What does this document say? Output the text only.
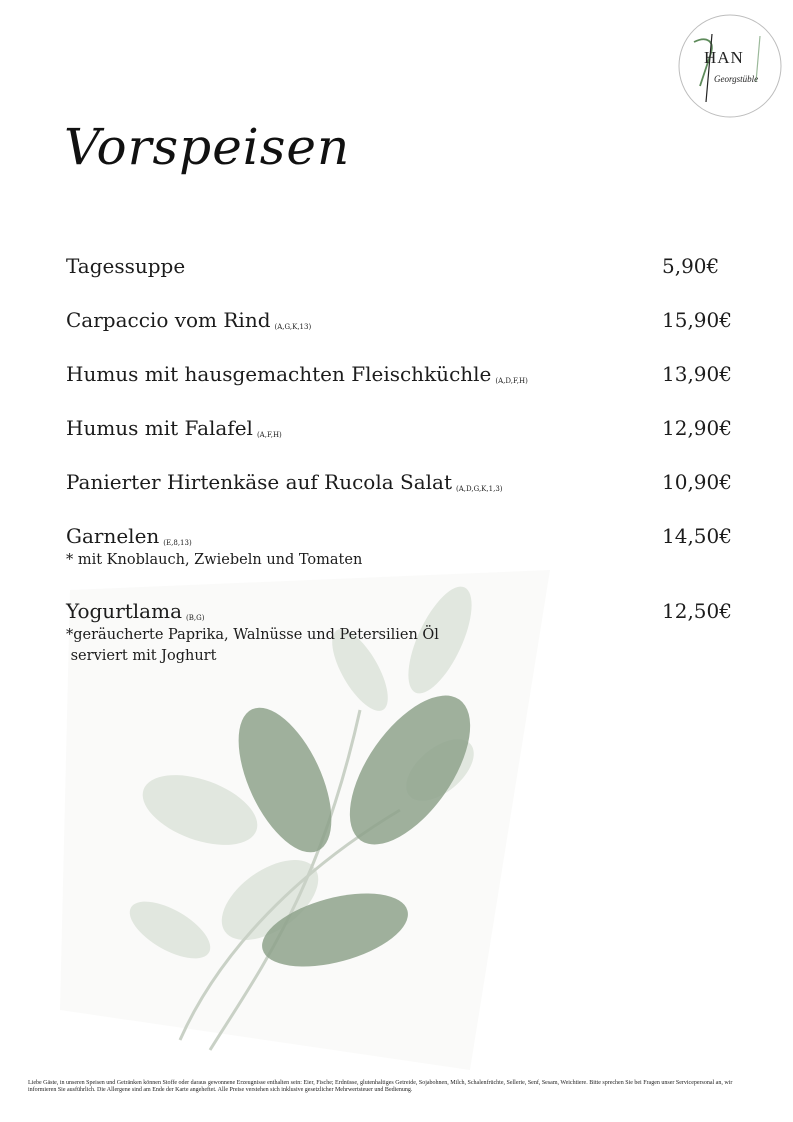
HAN
Georgstüble
Vorspeisen
Tagessuppe	5,90€
Carpaccio vom Rind (A,G,K,13)	15,90€
Humus mit hausgemachten Fleischküchle (A,D,F,H)	13,90€
Humus mit Falafel (A,F,H)	12,90€
Panierter Hirtenkäse auf Rucola Salat (A,D,G,K,1,3)	10,90€
Garnelen (E,8,13)	14,50€
* mit Knoblauch, Zwiebeln und Tomaten
Yogurtlama (B,G)	12,50€
*geräucherte Paprika, Walnüsse und Petersilien Öl
serviert mit Joghurt
Liebe Gäste, in unseren Speisen und Getränken können Stoffe oder daraus gewonnene Erzeugnisse enthalten sein: Eier, Fische; Erdnüsse, glutenhaltiges Getreide, Sojabohnen, Milch, Schalenfrüchte, Sellerie, Senf, Sesam, Weichtiere. Bitte sprechen Sie bei Fragen unser Servicepersonal an, wir informieren Sie ausführlich. Die Allergene sind am Ende der Karte angeheftet. Alle Preise verstehen sich inklusive gesetzlicher Mehrwertsteuer und Bedienung.
